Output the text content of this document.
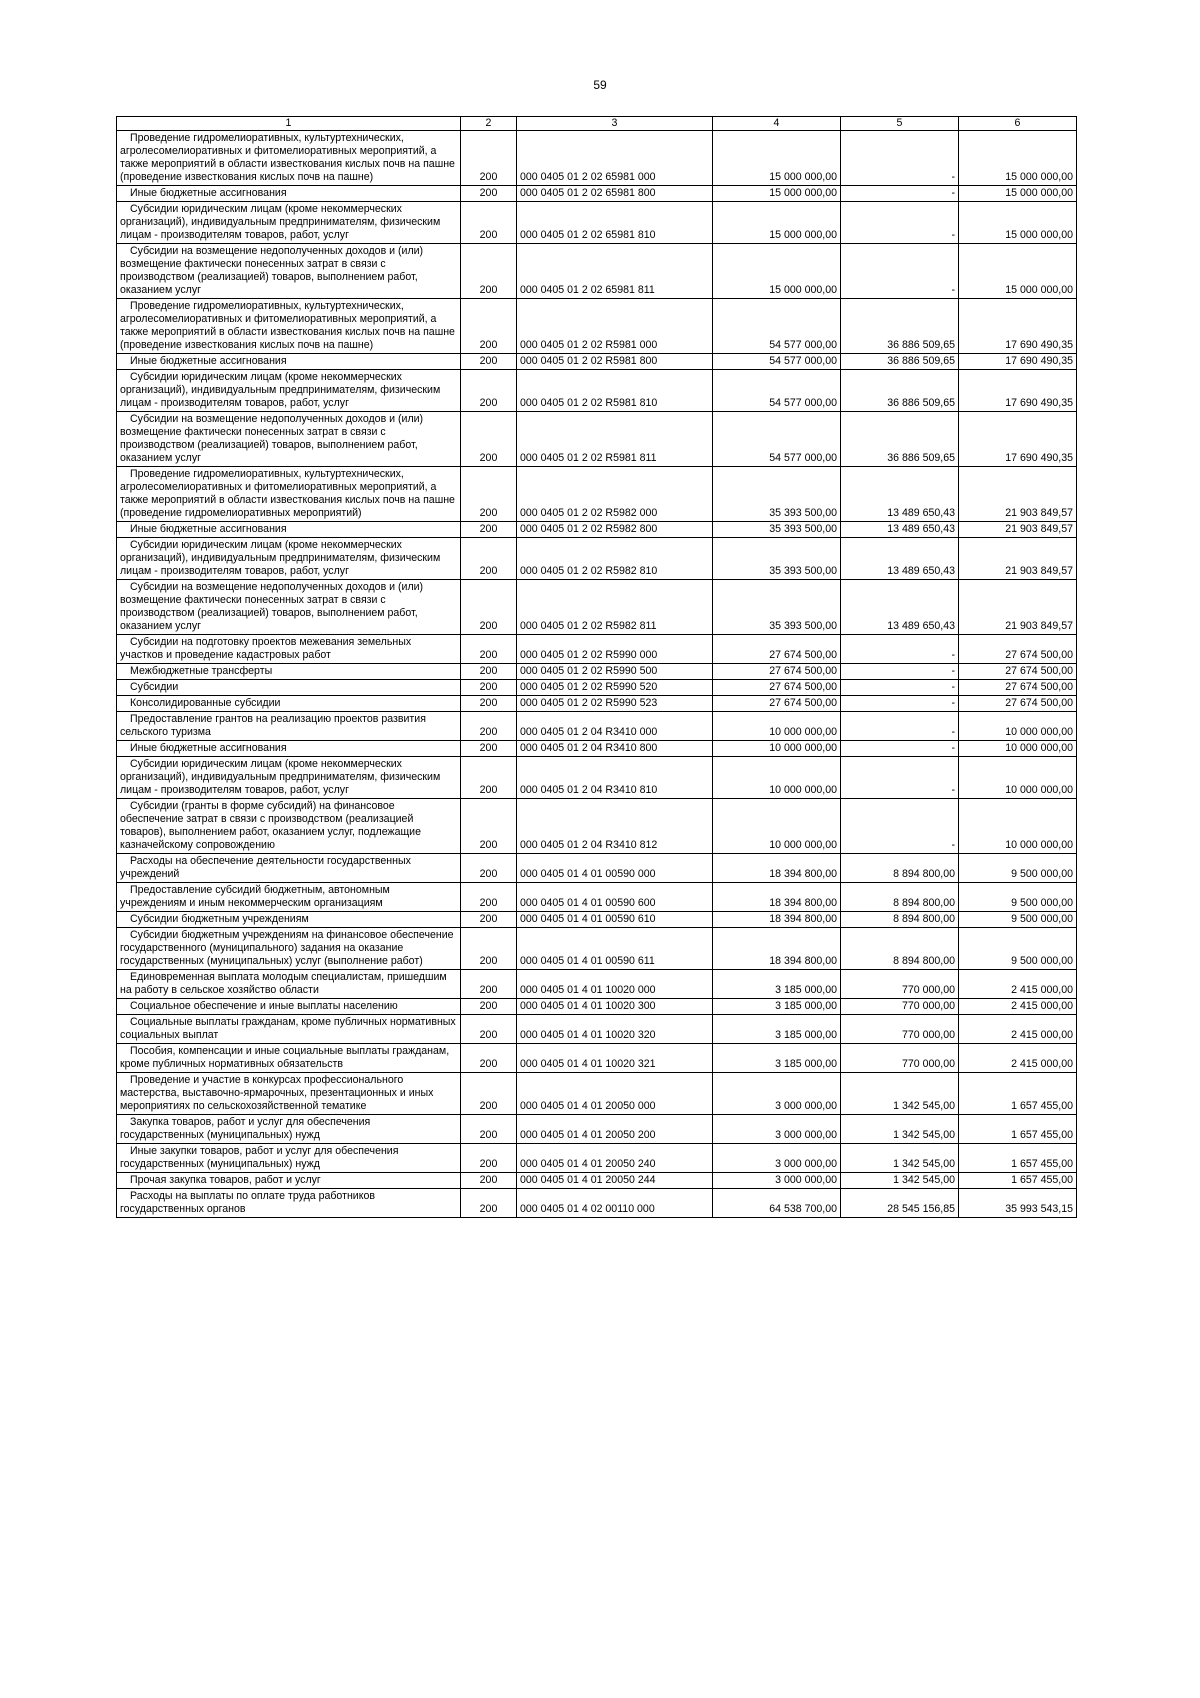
59
1	2	3	4	5	6
Проведение гидромелиоративных, культуртехнических, агролесомелиоративных и фитомелиоративных мероприятий, а также мероприятий в области известкования кислых почв на пашне (проведение известкования кислых почв на пашне)	200	000 0405 01 2 02 65981 000	15 000 000,00	-	15 000 000,00
Иные бюджетные ассигнования	200	000 0405 01 2 02 65981 800	15 000 000,00	-	15 000 000,00
Субсидии юридическим лицам (кроме некоммерческих организаций), индивидуальным предпринимателям, физическим лицам - производителям товаров, работ, услуг	200	000 0405 01 2 02 65981 810	15 000 000,00	-	15 000 000,00
Субсидии на возмещение недополученных доходов и (или) возмещение фактически понесенных затрат в связи с производством (реализацией) товаров, выполнением работ, оказанием услуг	200	000 0405 01 2 02 65981 811	15 000 000,00	-	15 000 000,00
Проведение гидромелиоративных, культуртехнических, агролесомелиоративных и фитомелиоративных мероприятий, а также мероприятий в области известкования кислых почв на пашне (проведение известкования кислых почв на пашне)	200	000 0405 01 2 02 R5981 000	54 577 000,00	36 886 509,65	17 690 490,35
Иные бюджетные ассигнования	200	000 0405 01 2 02 R5981 800	54 577 000,00	36 886 509,65	17 690 490,35
Субсидии юридическим лицам (кроме некоммерческих организаций), индивидуальным предпринимателям, физическим лицам - производителям товаров, работ, услуг	200	000 0405 01 2 02 R5981 810	54 577 000,00	36 886 509,65	17 690 490,35
Субсидии на возмещение недополученных доходов и (или) возмещение фактически понесенных затрат в связи с производством (реализацией) товаров, выполнением работ, оказанием услуг	200	000 0405 01 2 02 R5981 811	54 577 000,00	36 886 509,65	17 690 490,35
Проведение гидромелиоративных, культуртехнических, агролесомелиоративных и фитомелиоративных мероприятий, а также мероприятий в области известкования кислых почв на пашне (проведение гидромелиоративных мероприятий)	200	000 0405 01 2 02 R5982 000	35 393 500,00	13 489 650,43	21 903 849,57
Иные бюджетные ассигнования	200	000 0405 01 2 02 R5982 800	35 393 500,00	13 489 650,43	21 903 849,57
Субсидии юридическим лицам (кроме некоммерческих организаций), индивидуальным предпринимателям, физическим лицам - производителям товаров, работ, услуг	200	000 0405 01 2 02 R5982 810	35 393 500,00	13 489 650,43	21 903 849,57
Субсидии на возмещение недополученных доходов и (или) возмещение фактически понесенных затрат в связи с производством (реализацией) товаров, выполнением работ, оказанием услуг	200	000 0405 01 2 02 R5982 811	35 393 500,00	13 489 650,43	21 903 849,57
Субсидии на подготовку проектов межевания земельных участков и проведение кадастровых работ	200	000 0405 01 2 02 R5990 000	27 674 500,00	-	27 674 500,00
Межбюджетные трансферты	200	000 0405 01 2 02 R5990 500	27 674 500,00	-	27 674 500,00
Субсидии	200	000 0405 01 2 02 R5990 520	27 674 500,00	-	27 674 500,00
Консолидированные субсидии	200	000 0405 01 2 02 R5990 523	27 674 500,00	-	27 674 500,00
Предоставление грантов на реализацию проектов развития сельского туризма	200	000 0405 01 2 04 R3410 000	10 000 000,00	-	10 000 000,00
Иные бюджетные ассигнования	200	000 0405 01 2 04 R3410 800	10 000 000,00	-	10 000 000,00
Субсидии юридическим лицам (кроме некоммерческих организаций), индивидуальным предпринимателям, физическим лицам - производителям товаров, работ, услуг	200	000 0405 01 2 04 R3410 810	10 000 000,00	-	10 000 000,00
Субсидии (гранты в форме субсидий) на финансовое обеспечение затрат в связи с производством (реализацией товаров), выполнением работ, оказанием услуг, подлежащие казначейскому сопровождению	200	000 0405 01 2 04 R3410 812	10 000 000,00	-	10 000 000,00
Расходы на обеспечение деятельности государственных учреждений	200	000 0405 01 4 01 00590 000	18 394 800,00	8 894 800,00	9 500 000,00
Предоставление субсидий бюджетным, автономным учреждениям и иным некоммерческим организациям	200	000 0405 01 4 01 00590 600	18 394 800,00	8 894 800,00	9 500 000,00
Субсидии бюджетным учреждениям	200	000 0405 01 4 01 00590 610	18 394 800,00	8 894 800,00	9 500 000,00
Субсидии бюджетным учреждениям на финансовое обеспечение государственного (муниципального) задания на оказание государственных (муниципальных) услуг (выполнение работ)	200	000 0405 01 4 01 00590 611	18 394 800,00	8 894 800,00	9 500 000,00
Единовременная выплата молодым специалистам, пришедшим на работу в сельское хозяйство области	200	000 0405 01 4 01 10020 000	3 185 000,00	770 000,00	2 415 000,00
Социальное обеспечение и иные выплаты населению	200	000 0405 01 4 01 10020 300	3 185 000,00	770 000,00	2 415 000,00
Социальные выплаты гражданам, кроме публичных нормативных социальных выплат	200	000 0405 01 4 01 10020 320	3 185 000,00	770 000,00	2 415 000,00
Пособия, компенсации и иные социальные выплаты гражданам, кроме публичных нормативных обязательств	200	000 0405 01 4 01 10020 321	3 185 000,00	770 000,00	2 415 000,00
Проведение и участие в конкурсах профессионального мастерства, выставочно-ярмарочных, презентационных и иных мероприятиях по сельскохозяйственной тематике	200	000 0405 01 4 01 20050 000	3 000 000,00	1 342 545,00	1 657 455,00
Закупка товаров, работ и услуг для обеспечения государственных (муниципальных) нужд	200	000 0405 01 4 01 20050 200	3 000 000,00	1 342 545,00	1 657 455,00
Иные закупки товаров, работ и услуг для обеспечения государственных (муниципальных) нужд	200	000 0405 01 4 01 20050 240	3 000 000,00	1 342 545,00	1 657 455,00
Прочая закупка товаров, работ и услуг	200	000 0405 01 4 01 20050 244	3 000 000,00	1 342 545,00	1 657 455,00
Расходы на выплаты по оплате труда работников государственных органов	200	000 0405 01 4 02 00110 000	64 538 700,00	28 545 156,85	35 993 543,15
